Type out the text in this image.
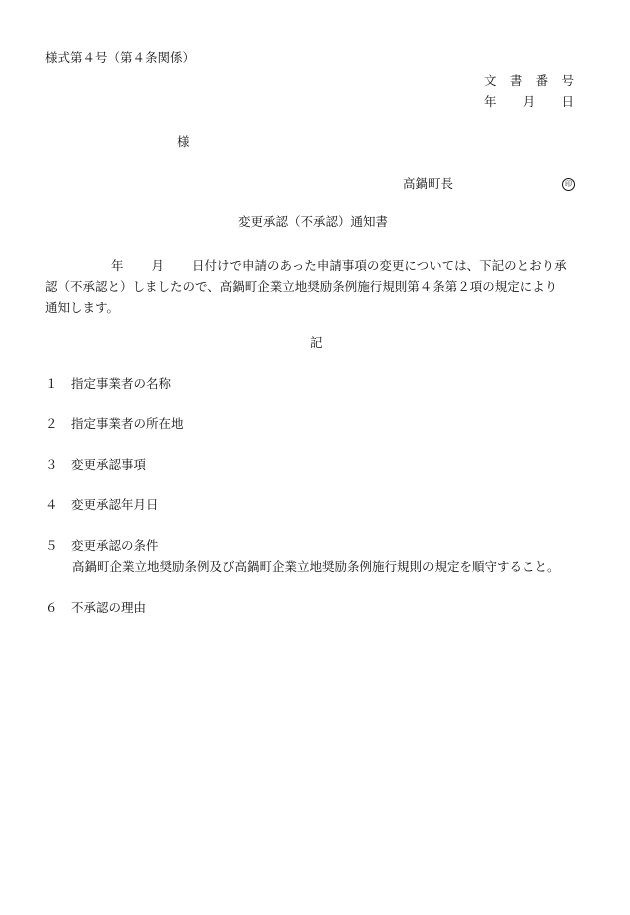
様式第４号（第４条関係）
文 書 番 号
年 月 日
様
高鍋町長	印
変更承認（不承認）通知書
年 月 日付けで申請のあった申請事項の変更については、下記のとおり承
認（不承認と）しましたので、高鍋町企業立地奨励条例施行規則第４条第２項の規定により
通知します。
記
１ 指定事業者の名称
２ 指定事業者の所在地
３ 変更承認事項
４ 変更承認年月日
５ 変更承認の条件
高鍋町企業立地奨励条例及び高鍋町企業立地奨励条例施行規則の規定を順守すること。
６ 不承認の理由
